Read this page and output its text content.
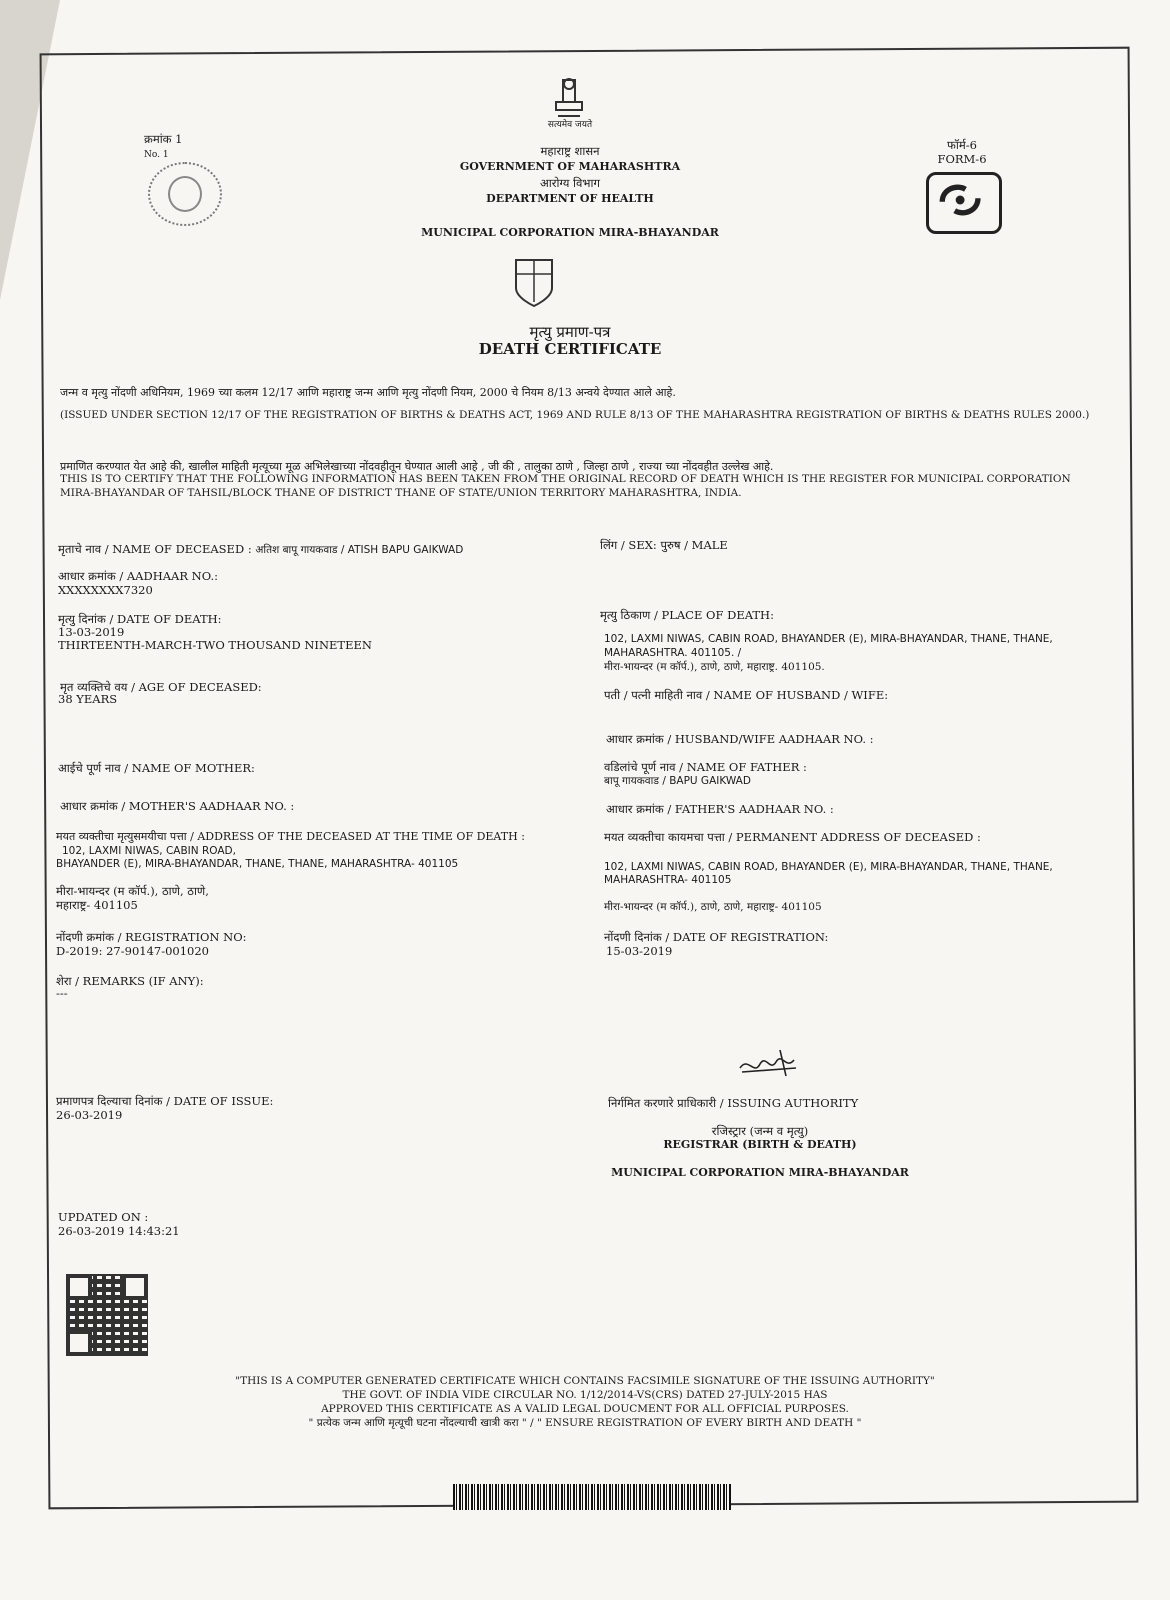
सत्यमेव जयते
क्रमांक 1
No. 1	महाराष्ट्र शासन
GOVERNMENT OF MAHARASHTRA
आरोग्य विभाग
DEPARTMENT OF HEALTH
फॉर्म-6
FORM-6
MUNICIPAL CORPORATION MIRA-BHAYANDAR
मृत्यु प्रमाण-पत्र
DEATH CERTIFICATE
जन्म व मृत्यु नोंदणी अधिनियम, 1969 च्या कलम 12/17 आणि महाराष्ट्र जन्म आणि मृत्यु नोंदणी नियम, 2000 चे नियम 8/13 अन्वये देण्यात आले आहे.
(ISSUED UNDER SECTION 12/17 OF THE REGISTRATION OF BIRTHS & DEATHS ACT, 1969 AND RULE 8/13 OF THE MAHARASHTRA REGISTRATION OF BIRTHS & DEATHS RULES 2000.)
प्रमाणित करण्यात येत आहे की, खालील माहिती मृत्यूच्या मूळ अभिलेखाच्या नोंदवहीतून घेण्यात आली आहे , जी की , तालुका ठाणे , जिल्हा ठाणे , राज्या च्या नोंदवहीत उल्लेख आहे.
THIS IS TO CERTIFY THAT THE FOLLOWING INFORMATION HAS BEEN TAKEN FROM THE ORIGINAL RECORD OF DEATH WHICH IS THE REGISTER FOR MUNICIPAL CORPORATION
MIRA-BHAYANDAR OF TAHSIL/BLOCK THANE OF DISTRICT THANE OF STATE/UNION TERRITORY MAHARASHTRA, INDIA.
मृताचे नाव / NAME OF DECEASED : अतिश बापू गायकवाड / ATISH BAPU GAIKWAD
आधार क्रमांक / AADHAAR NO.:
XXXXXXXX7320
मृत्यु दिनांक / DATE OF DEATH:
13-03-2019
THIRTEENTH-MARCH-TWO THOUSAND NINETEEN
मृत व्यक्तिचे वय / AGE OF DECEASED:
38 YEARS
आईचे पूर्ण नाव / NAME OF MOTHER:
आधार क्रमांक / MOTHER'S AADHAAR NO. :
मयत व्यक्तीचा मृत्युसमयीचा पत्ता / ADDRESS OF THE DECEASED AT THE TIME OF DEATH :
102, LAXMI NIWAS, CABIN ROAD,
BHAYANDER (E), MIRA-BHAYANDAR, THANE, THANE, MAHARASHTRA- 401105
मीरा-भायन्दर (म कॉर्प.), ठाणे, ठाणे,
महाराष्ट्र- 401105
नोंदणी क्रमांक / REGISTRATION NO:
D-2019: 27-90147-001020
शेरा / REMARKS (IF ANY):
---
लिंग / SEX: पुरुष / MALE
मृत्यु ठिकाण / PLACE OF DEATH:
102, LAXMI NIWAS, CABIN ROAD, BHAYANDER (E), MIRA-BHAYANDAR, THANE, THANE,
MAHARASHTRA. 401105. /
मीरा-भायन्दर (म कॉर्प.), ठाणे, ठाणे, महाराष्ट्र. 401105.
पती / पत्नी माहिती नाव / NAME OF HUSBAND / WIFE:
आधार क्रमांक / HUSBAND/WIFE AADHAAR NO. :
वडिलांचे पूर्ण नाव / NAME OF FATHER :
बापू गायकवाड / BAPU GAIKWAD
आधार क्रमांक / FATHER'S AADHAAR NO. :
मयत व्यक्तीचा कायमचा पत्ता / PERMANENT ADDRESS OF DECEASED :
102, LAXMI NIWAS, CABIN ROAD, BHAYANDER (E), MIRA-BHAYANDAR, THANE, THANE,
MAHARASHTRA- 401105
मीरा-भायन्दर (म कॉर्प.), ठाणे, ठाणे, महाराष्ट्र- 401105
नोंदणी दिनांक / DATE OF REGISTRATION:
15-03-2019
प्रमाणपत्र दिल्याचा दिनांक / DATE OF ISSUE:
26-03-2019
निर्गमित करणारे प्राधिकारी / ISSUING AUTHORITY
रजिस्ट्रार (जन्म व मृत्यु)
REGISTRAR (BIRTH & DEATH)
MUNICIPAL CORPORATION MIRA-BHAYANDAR
UPDATED ON :
26-03-2019 14:43:21
"THIS IS A COMPUTER GENERATED CERTIFICATE WHICH CONTAINS FACSIMILE SIGNATURE OF THE ISSUING AUTHORITY"
THE GOVT. OF INDIA VIDE CIRCULAR NO. 1/12/2014-VS(CRS) DATED 27-JULY-2015 HAS
APPROVED THIS CERTIFICATE AS A VALID LEGAL DOUCMENT FOR ALL OFFICIAL PURPOSES.
" प्रत्येक जन्म आणि मृत्यूची घटना नोंदल्याची खात्री करा " / " ENSURE REGISTRATION OF EVERY BIRTH AND DEATH "
